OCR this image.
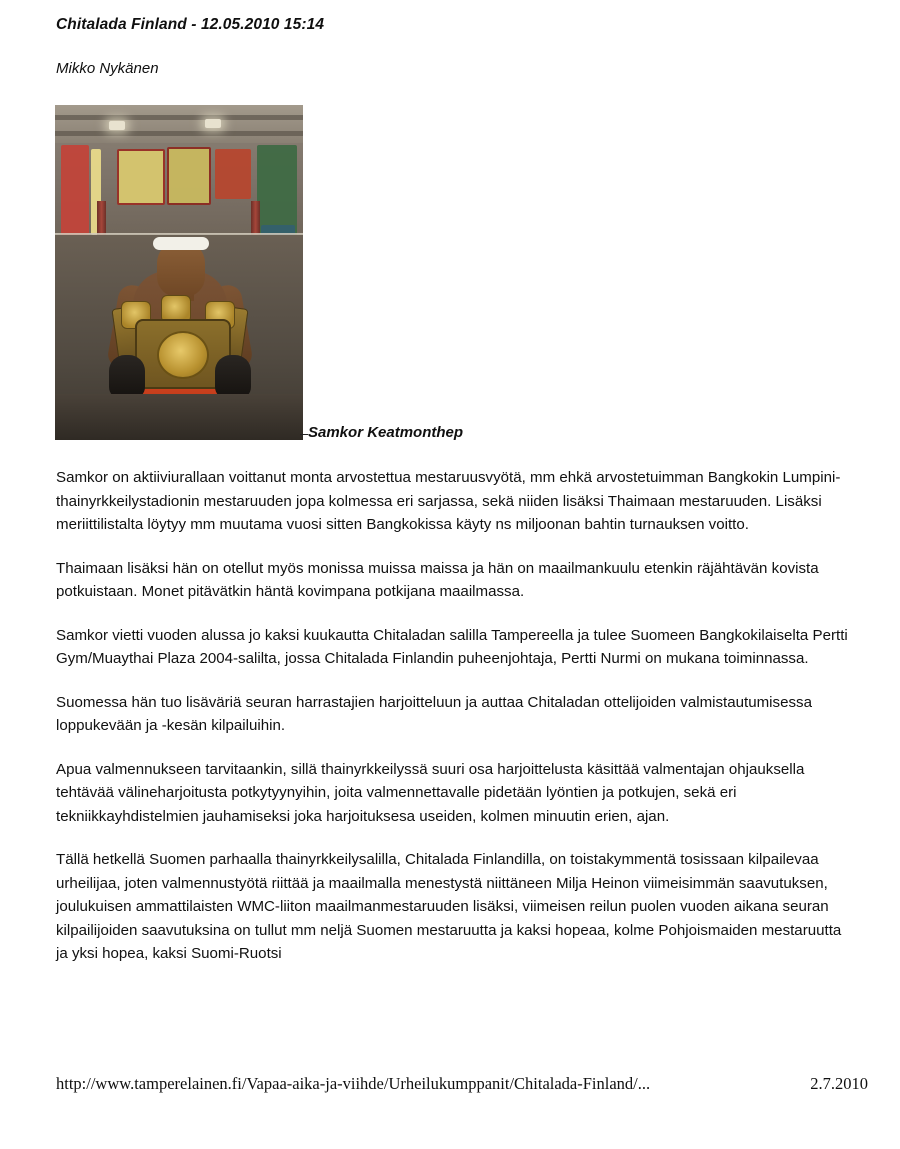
Chitalada Finland - 12.05.2010 15:14
Mikko Nykänen
Samkor Keatmonthep

Samkor on aktiiviurallaan voittanut monta arvostettua mestaruusvyötä, mm ehkä arvostetuimman Bangkokin Lumpini-thainyrkkeilystadionin mestaruuden jopa kolmessa eri sarjassa, sekä niiden lisäksi Thaimaan mestaruuden. Lisäksi meriittilistalta löytyy mm muutama vuosi sitten Bangkokissa käyty ns miljoonan bahtin turnauksen voitto.

Thaimaan lisäksi hän on otellut myös monissa muissa maissa ja hän on maailmankuulu etenkin räjähtävän kovista potkuistaan. Monet pitävätkin häntä kovimpana potkijana maailmassa.

Samkor vietti vuoden alussa jo kaksi kuukautta Chitaladan salilla Tampereella ja tulee Suomeen Bangkokilaiselta Pertti Gym/Muaythai Plaza 2004-salilta, jossa Chitalada Finlandin puheenjohtaja, Pertti Nurmi on mukana toiminnassa.

Suomessa hän tuo lisäväriä seuran harrastajien harjoitteluun ja auttaa Chitaladan ottelijoiden valmistautumisessa loppukevään ja -kesän kilpailuihin.

Apua valmennukseen tarvitaankin, sillä thainyrkkeilyssä suuri osa harjoittelusta käsittää valmentajan ohjauksella tehtävää välineharjoitusta potkytyynyihin, joita valmennettavalle pidetään lyöntien ja potkujen, sekä eri tekniikkayhdistelmien jauhamiseksi joka harjoituksesa useiden, kolmen minuutin erien, ajan.

Tällä hetkellä Suomen parhaalla thainyrkkeilysalilla, Chitalada Finlandilla, on toistakymmentä tosissaan kilpailevaa urheilijaa, joten valmennustyötä riittää ja maailmalla menestystä niittäneen Milja Heinon viimeisimmän saavutuksen, joulukuisen ammattilaisten WMC-liiton maailmanmestaruuden lisäksi, viimeisen reilun puolen vuoden aikana seuran kilpailijoiden saavutuksina on tullut mm neljä Suomen mestaruutta ja kaksi hopeaa, kolme Pohjoismaiden mestaruutta ja yksi hopea, kaksi Suomi-Ruotsi

http://www.tamperelainen.fi/Vapaa-aika-ja-viihde/Urheilukumppanit/Chitalada-Finland/...	2.7.2010
